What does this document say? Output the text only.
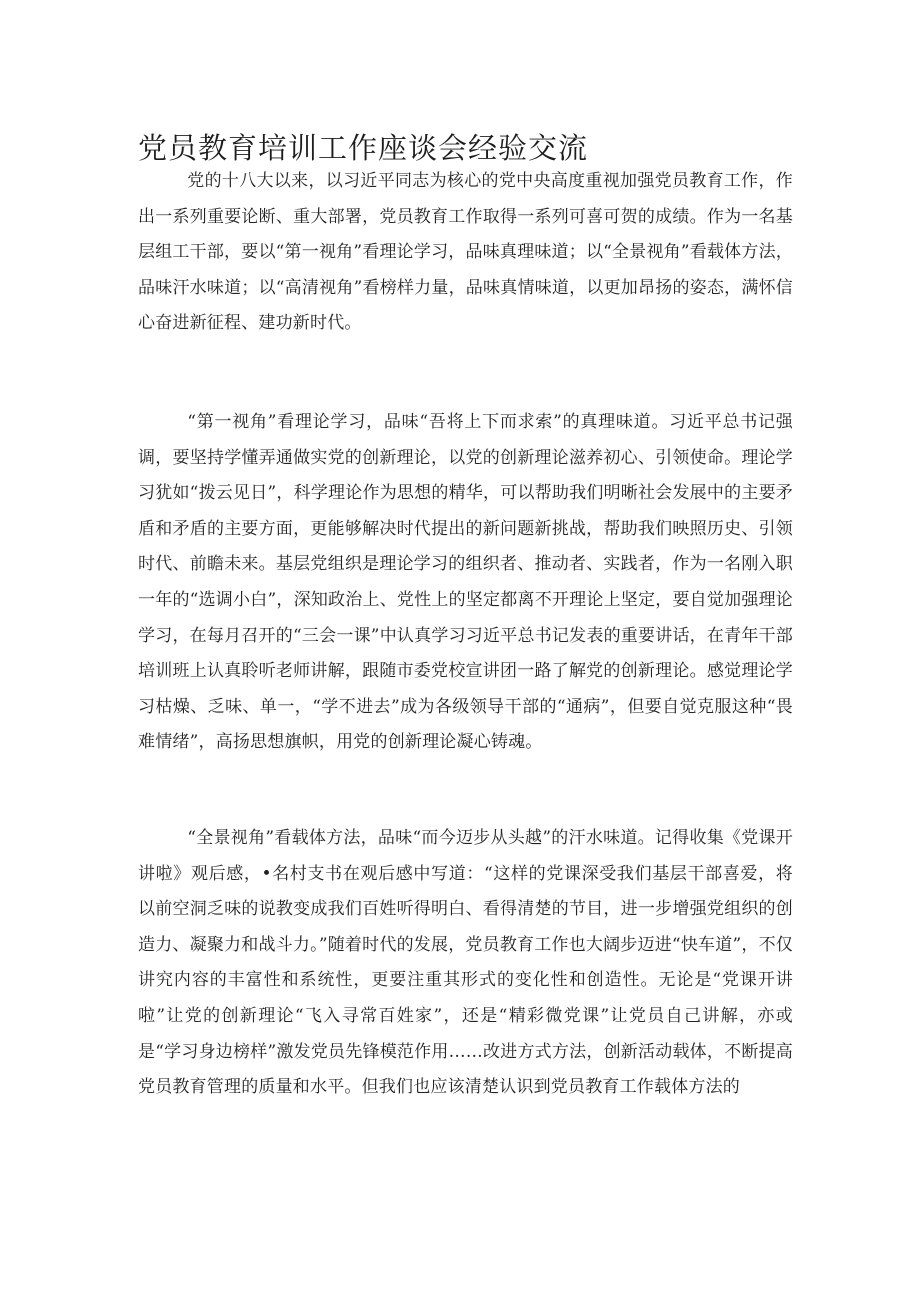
党员教育培训工作座谈会经验交流

党的十八大以来，以习近平同志为核心的党中央高度重视加强党员教育工作，作出一系列重要论断、重大部署，党员教育工作取得一系列可喜可贺的成绩。作为一名基层组工干部，要以“第一视角”看理论学习，品味真理味道；以“全景视角”看载体方法，品味汗水味道；以“高清视角”看榜样力量，品味真情味道，以更加昂扬的姿态，满怀信心奋进新征程、建功新时代。

“第一视角”看理论学习，品味“吾将上下而求索”的真理味道。习近平总书记强调，要坚持学懂弄通做实党的创新理论，以党的创新理论滋养初心、引领使命。理论学习犹如“拨云见日”，科学理论作为思想的精华，可以帮助我们明晰社会发展中的主要矛盾和矛盾的主要方面，更能够解决时代提出的新问题新挑战，帮助我们映照历史、引领时代、前瞻未来。基层党组织是理论学习的组织者、推动者、实践者，作为一名刚入职一年的“选调小白”，深知政治上、党性上的坚定都离不开理论上坚定，要自觉加强理论学习，在每月召开的“三会一课”中认真学习习近平总书记发表的重要讲话，在青年干部培训班上认真聆听老师讲解，跟随市委党校宣讲团一路了解党的创新理论。感觉理论学习枯燥、乏味、单一，“学不进去”成为各级领导干部的“通病”，但要自觉克服这种“畏难情绪”，高扬思想旗帜，用党的创新理论凝心铸魂。

“全景视角”看载体方法，品味“而今迈步从头越”的汗水味道。记得收集《党课开讲啦》观后感，•名村支书在观后感中写道：“这样的党课深受我们基层干部喜爱，将以前空洞乏味的说教变成我们百姓听得明白、看得清楚的节目，进一步增强党组织的创造力、凝聚力和战斗力。”随着时代的发展，党员教育工作也大阔步迈进“快车道”，不仅讲究内容的丰富性和系统性，更要注重其形式的变化性和创造性。无论是“党课开讲啦”让党的创新理论“飞入寻常百姓家”，还是“精彩微党课”让党员自己讲解，亦或是“学习身边榜样”激发党员先锋模范作用……改进方式方法，创新活动载体，不断提高党员教育管理的质量和水平。但我们也应该清楚认识到党员教育工作载体方法的
